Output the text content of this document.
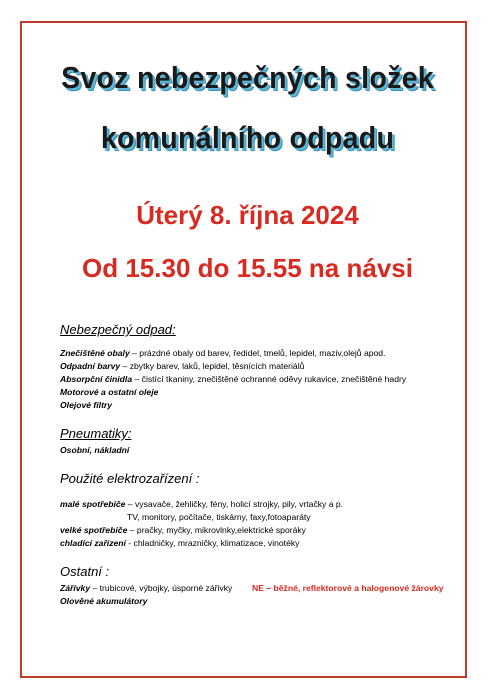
Svoz nebezpečných složek
komunálního odpadu
Úterý 8. října 2024
Od 15.30 do 15.55 na návsi

Nebezpečný odpad:

Znečištěné obaly – prázdné obaly od barev, ředidel, tmelů, lepidel, maziv,olejů apod.
Odpadní barvy – zbytky barev, laků, lepidel, těsnících materiálů
Absorpční činidla – čistící tkaniny, znečištěné ochranné oděvy rukavice, znečištěné hadry
Motorové a ostatní oleje
Olejové filtry

Pneumatiky:

Osobní, nákladní

Použité elektrozařízení :

malé spotřebiče – vysavače, žehličky, fény, holicí strojky, pily, vrtačky a p.
TV, monitory, počítače, tiskárny, faxy,fotoaparáty
velké spotřebiče – pračky, myčky, mikrovlnky,elektrické sporáky
chladící zařízení - chladničky, mrazničky, klimatizace, vinotéky

Ostatní :

Zářivky – trubicové, výbojky, úsporné zářivky NE – běžné, reflektorové a halogenové žárovky
Olověné akumulátory
